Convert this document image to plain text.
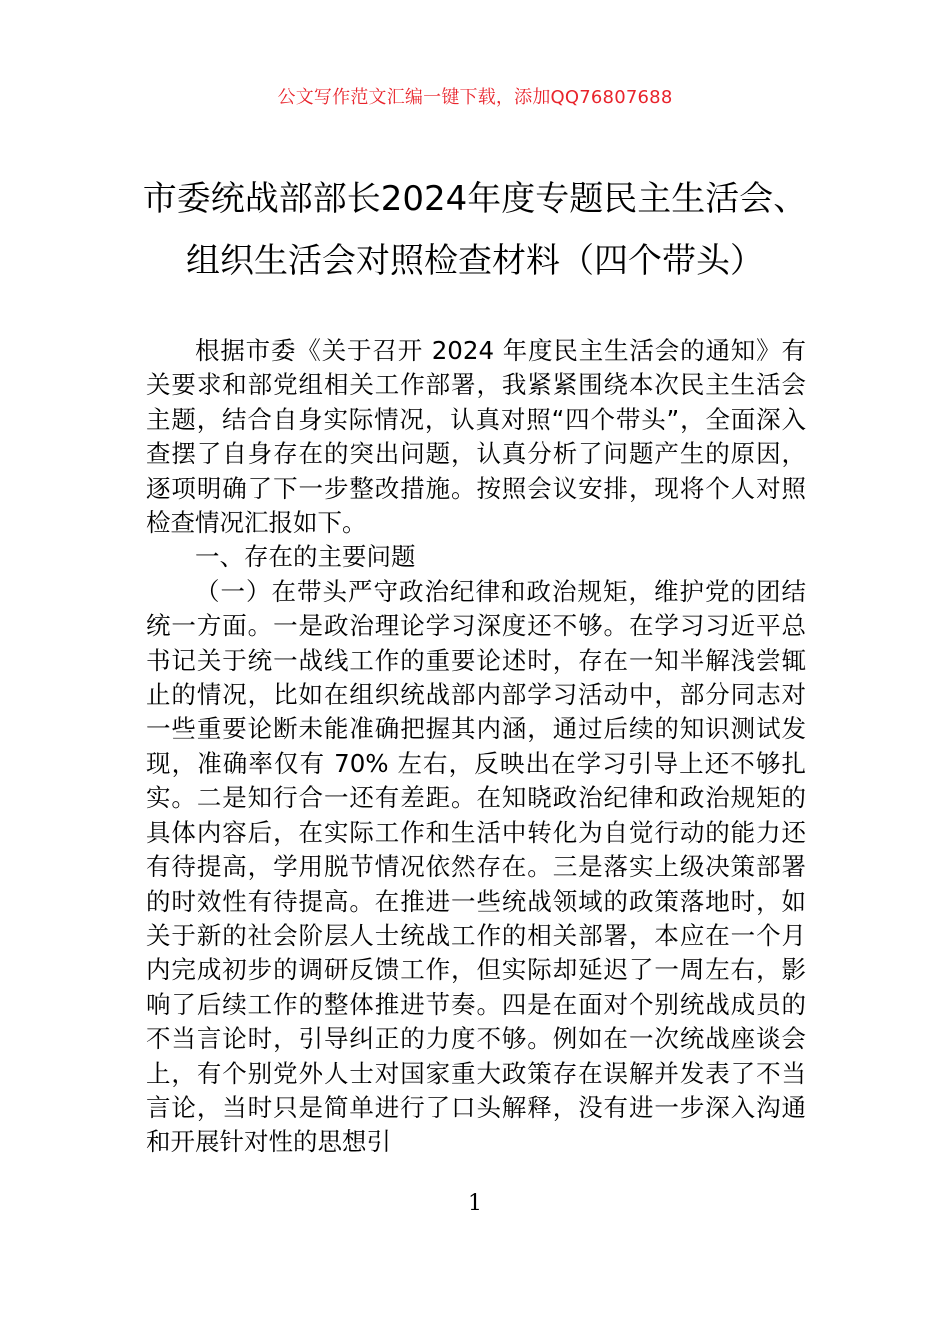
公文写作范文汇编一键下载，添加QQ76807688
市委统战部部长2024年度专题民主生活会、
组织生活会对照检查材料（四个带头）

根据市委《关于召开 2024 年度民主生活会的通知》有关要求和部党组相关工作部署，我紧紧围绕本次民主生活会主题，结合自身实际情况，认真对照“四个带头”，全面深入查摆了自身存在的突出问题，认真分析了问题产生的原因，逐项明确了下一步整改措施。按照会议安排，现将个人对照检查情况汇报如下。

一、存在的主要问题

（一）在带头严守政治纪律和政治规矩，维护党的团结统一方面。一是政治理论学习深度还不够。在学习习近平总书记关于统一战线工作的重要论述时，存在一知半解浅尝辄止的情况，比如在组织统战部内部学习活动中，部分同志对一些重要论断未能准确把握其内涵，通过后续的知识测试发现，准确率仅有 70% 左右，反映出在学习引导上还不够扎实。二是知行合一还有差距。在知晓政治纪律和政治规矩的具体内容后，在实际工作和生活中转化为自觉行动的能力还有待提高，学用脱节情况依然存在。三是落实上级决策部署的时效性有待提高。在推进一些统战领域的政策落地时，如关于新的社会阶层人士统战工作的相关部署，本应在一个月内完成初步的调研反馈工作，但实际却延迟了一周左右，影响了后续工作的整体推进节奏。四是在面对个别统战成员的不当言论时，引导纠正的力度不够。例如在一次统战座谈会上，有个别党外人士对国家重大政策存在误解并发表了不当言论，当时只是简单进行了口头解释，没有进一步深入沟通和开展针对性的思想引

1
